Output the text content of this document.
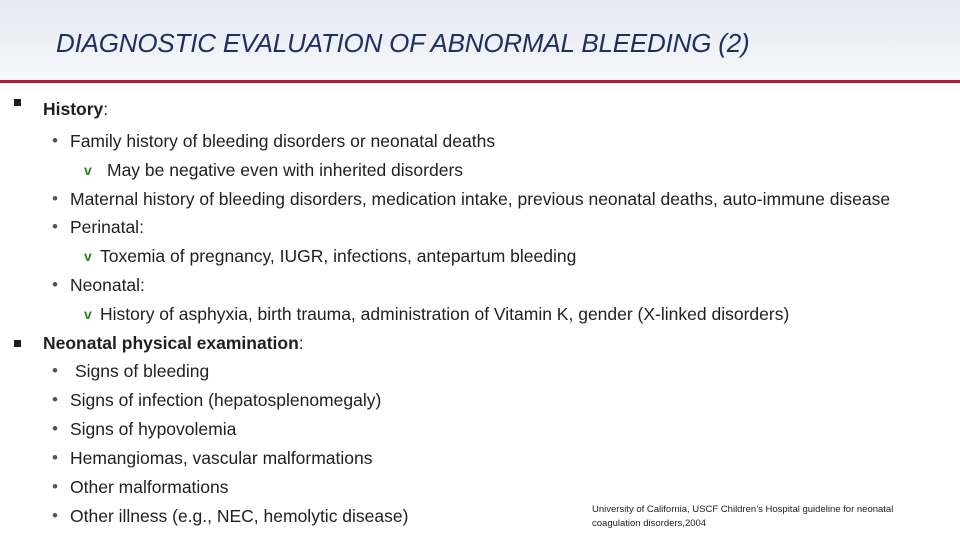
DIAGNOSTIC EVALUATION OF ABNORMAL BLEEDING (2)
History:
• Family history of bleeding disorders or neonatal deaths
v May be negative even with inherited disorders
• Maternal history of bleeding disorders, medication intake, previous neonatal deaths, auto-immune disease
• Perinatal:
v Toxemia of pregnancy, IUGR, infections, antepartum bleeding
• Neonatal:
v History of asphyxia, birth trauma, administration of Vitamin K, gender (X-linked disorders)
Neonatal physical examination:
• Signs of bleeding
• Signs of infection (hepatosplenomegaly)
• Signs of hypovolemia
• Hemangiomas, vascular malformations
• Other malformations
• Other illness (e.g., NEC, hemolytic disease)	University of California, USCF Children’s Hospital guideline for neonatal
coagulation disorders,2004
